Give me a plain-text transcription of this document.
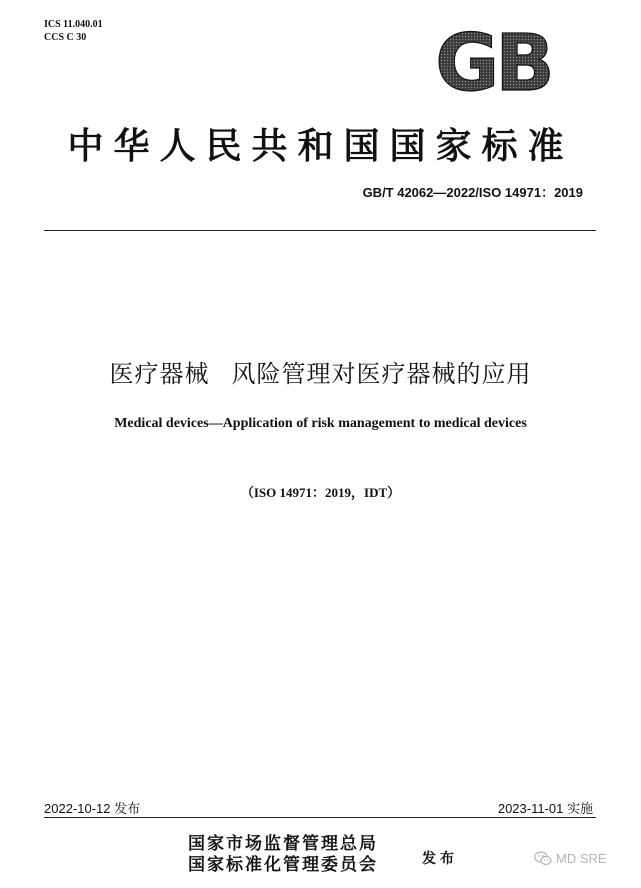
ICS 11.040.01
CCS C 30	GB
中华人民共和国国家标准
GB/T 42062—2022/ISO 14971：2019
医疗器械 风险管理对医疗器械的应用
Medical devices—Application of risk management to medical devices
（ISO 14971：2019，IDT）
2022-10-12 发布	2023-11-01 实施
国家市场监督管理总局
国家标准化管理委员会	发布	MD SRE
